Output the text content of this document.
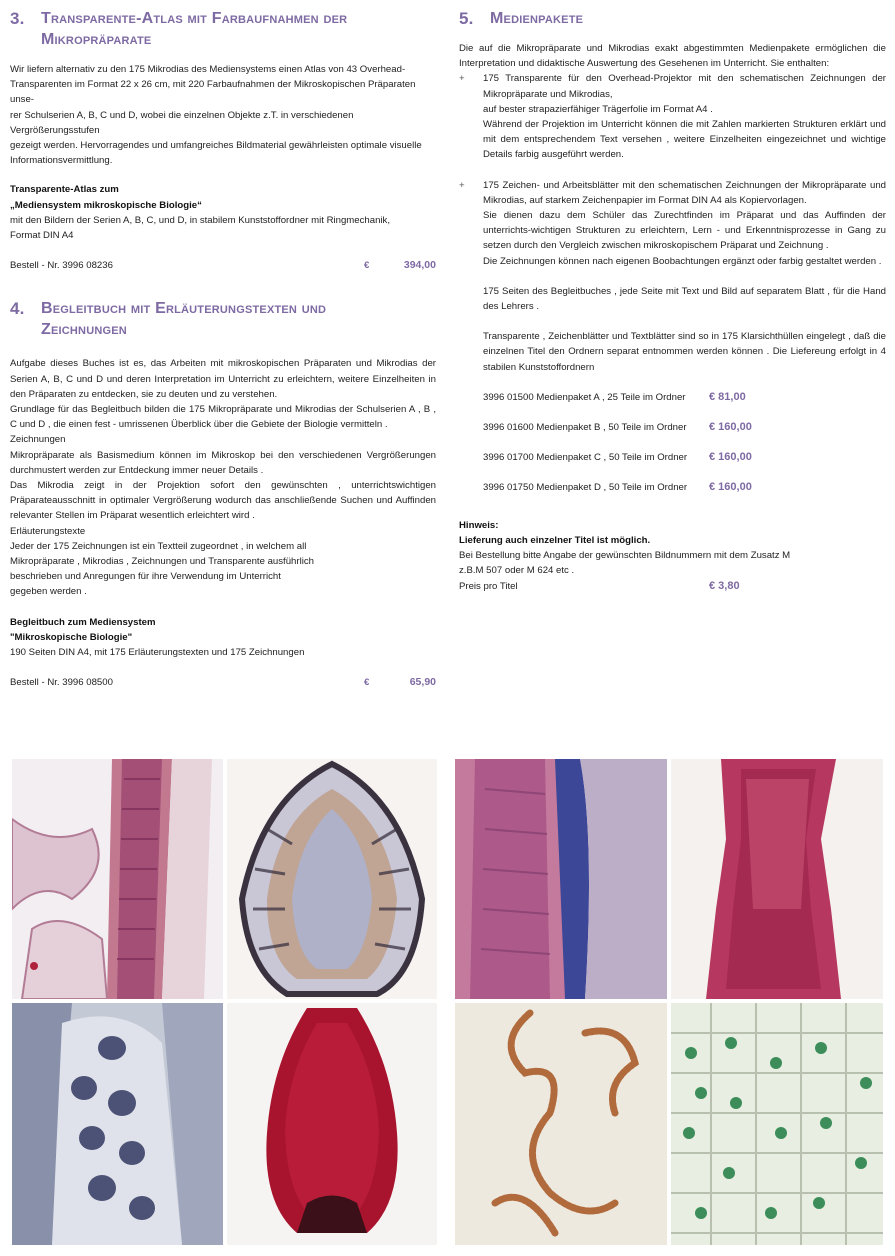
3.	Transparente-Atlas mit Farbaufnahmen der
Mikropräparate
Wir liefern alternativ zu den 175 Mikrodias des Mediensystems einen Atlas von 43 Overhead-
Transparenten im Format 22 x 26 cm, mit 220 Farbaufnahmen der Mikroskopischen Präparaten unse-
rer Schulserien A, B, C und D, wobei die einzelnen Objekte z.T. in verschiedenen Vergrößerungsstufen
gezeigt werden. Hervorragendes und umfangreiches Bildmaterial gewährleisten optimale visuelle
Informationsvermittlung.
Transparente-Atlas zum
„Mediensystem mikroskopische Biologie“
mit den Bildern der Serien A, B, C, und D, in stabilem Kunststoffordner mit Ringmechanik,
Format DIN A4
Bestell - Nr. 3996 08236	€	394,00
4.	Begleitbuch mit Erläuterungstexten und
Zeichnungen

Aufgabe dieses Buches ist es, das Arbeiten mit mikroskopischen Präparaten und Mikrodias der Serien A, B, C und D und deren Interpretation im Unterricht zu erleichtern, weitere Einzelheiten in den Präparaten zu entdecken, sie zu deuten und zu verstehen.

Grundlage für das Begleitbuch bilden die 175 Mikropräparate und Mikrodias der Schulserien A , B , C und D , die einen fest - umrissenen Überblick über die Gebiete der Biologie vermitteln .

Zeichnungen

Mikropräparate als Basismedium können im Mikroskop bei den verschiedenen Vergrößerungen durchmustert werden zur Entdeckung immer neuer Details .

Das Mikrodia zeigt in der Projektion sofort den gewünschten , unterrichtswichtigen Präparateausschnitt in optimaler Vergrößerung wodurch das anschließende Suchen und Auffinden relevanter Stellen im Präparat wesentlich erleichtert wird .

Erläuterungstexte

Jeder der 175 Zeichnungen ist ein Textteil zugeordnet , in welchem all
Mikropräparate , Mikrodias , Zeichnungen und Transparente ausführlich
beschrieben und Anregungen für ihre Verwendung im Unterricht
gegeben werden .
Begleitbuch zum Mediensystem
"Mikroskopische Biologie"
190 Seiten DIN A4, mit 175 Erläuterungstexten und 175 Zeichnungen
Bestell - Nr. 3996 08500	€	65,90
5.	Medienpakete

Die auf die Mikropräparate und Mikrodias exakt abgestimmten Medienpakete ermöglichen die Interpretation und didaktische Auswertung des Gesehenen im Unterricht. Sie enthalten:

+	175 Transparente für den Overhead-Projektor mit den schematischen Zeichnungen der Mikropräparate und Mikrodias,

auf bester strapazierfähiger Trägerfolie im Format A4 .

Während der Projektion im Unterricht können die mit Zahlen markierten Strukturen erklärt und mit dem entsprechendem Text versehen , weitere Einzelheiten eingezeichnet und wichtige Details farbig ausgeführt werden.

+	175 Zeichen- und Arbeitsblätter mit den schematischen Zeichnungen der Mikropräparate und Mikrodias, auf starkem Zeichenpapier im Format DIN A4 als Kopiervorlagen.

Sie dienen dazu dem Schüler das Zurechtfinden im Präparat und das Auffinden der unterrichts-wichtigen Strukturen zu erleichtern, Lern - und Erkenntnisprozesse in Gang zu setzen durch den Vergleich zwischen mikroskopischem Präparat und Zeichnung .

Die Zeichnungen können nach eigenen Boobachtungen ergänzt oder farbig gestaltet werden .

175 Seiten des Begleitbuches , jede Seite mit Text und Bild auf separatem Blatt , für die Hand des Lehrers .

Transparente , Zeichenblätter und Textblätter sind so in 175 Klarsichthüllen eingelegt , daß die einzelnen Titel den Ordnern separat entnommen werden können . Die Liefereung erfolgt in 4 stabilen Kunststoffordnern

3996 01500 Medienpaket A , 25 Teile im Ordner	€ 81,00
3996 01600 Medienpaket B , 50 Teile im Ordner	€ 160,00
3996 01700 Medienpaket C , 50 Teile im Ordner	€ 160,00
3996 01750 Medienpaket D , 50 Teile im Ordner	€ 160,00
Hinweis:
Lieferung auch einzelner Titel ist möglich.
Bei Bestellung bitte Angabe der gewünschten Bildnummern mit dem Zusatz M
z.B.M 507 oder M 624 etc .
Preis pro Titel	€ 3,80
